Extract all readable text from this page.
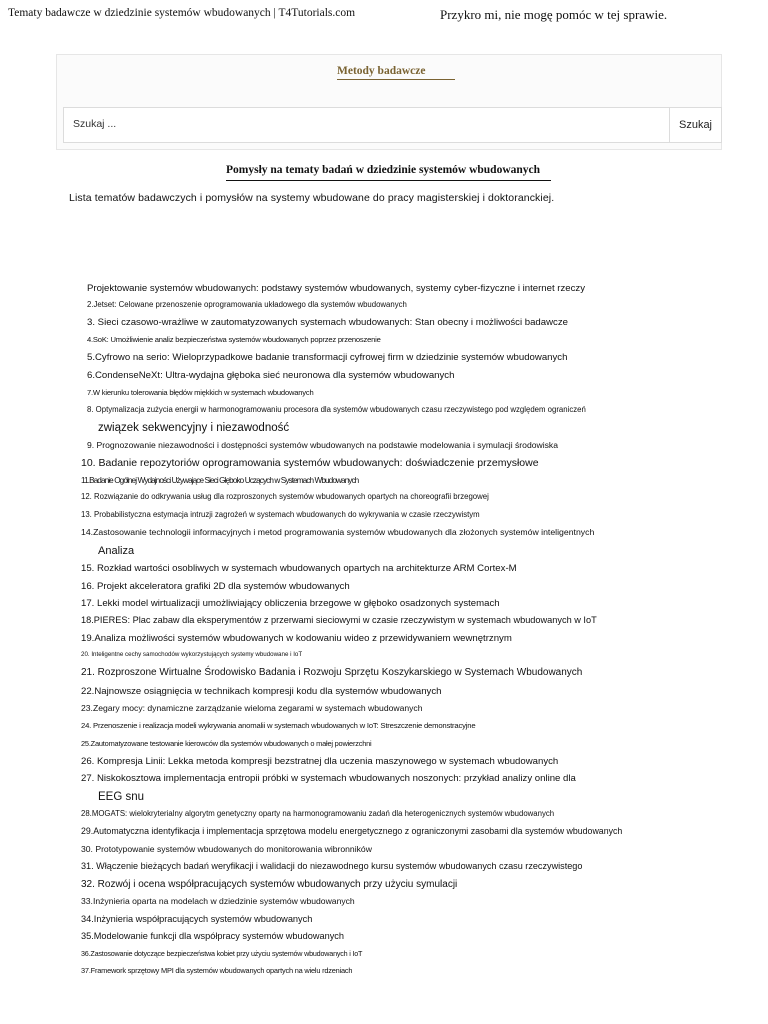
Tematy badawcze w dziedzinie systemów wbudowanych | T4Tutorials.com	Przykro mi, nie mogę pomóc w tej sprawie.
Metody badawcze
Szukaj ...
Szukaj
Pomysły na tematy badań w dziedzinie systemów wbudowanych
Lista tematów badawczych i pomysłów na systemy wbudowane do pracy magisterskiej i doktoranckiej.
Projektowanie systemów wbudowanych: podstawy systemów wbudowanych, systemy cyber-fizyczne i internet rzeczy
2.Jetset: Celowane przenoszenie oprogramowania układowego dla systemów wbudowanych
3. Sieci czasowo-wrażliwe w zautomatyzowanych systemach wbudowanych: Stan obecny i możliwości badawcze
4.SoK: Umożliwienie analiz bezpieczeństwa systemów wbudowanych poprzez przenoszenie
5.Cyfrowo na serio: Wieloprzypadkowe badanie transformacji cyfrowej firm w dziedzinie systemów wbudowanych
6.CondenseNeXt: Ultra-wydajna głęboka sieć neuronowa dla systemów wbudowanych
7.W kierunku tolerowania błędów miękkich w systemach wbudowanych
8. Optymalizacja zużycia energii w harmonogramowaniu procesora dla systemów wbudowanych czasu rzeczywistego pod względem ograniczeń
związek sekwencyjny i niezawodność
9. Prognozowanie niezawodności i dostępności systemów wbudowanych na podstawie modelowania i symulacji środowiska
10. Badanie repozytoriów oprogramowania systemów wbudowanych: doświadczenie przemysłowe
11.Badanie Ogólnej Wydajności Używające Sieci Głęboko Uczących w Systemach Wbudowanych
12. Rozwiązanie do odkrywania usług dla rozproszonych systemów wbudowanych opartych na choreografii brzegowej
13. Probabilistyczna estymacja intruzji zagrożeń w systemach wbudowanych do wykrywania w czasie rzeczywistym
14.Zastosowanie technologii informacyjnych i metod programowania systemów wbudowanych dla złożonych systemów inteligentnych
Analiza
15. Rozkład wartości osobliwych w systemach wbudowanych opartych na architekturze ARM Cortex-M
16. Projekt akceleratora grafiki 2D dla systemów wbudowanych
17. Lekki model wirtualizacji umożliwiający obliczenia brzegowe w głęboko osadzonych systemach
18.PIERES: Plac zabaw dla eksperymentów z przerwami sieciowymi w czasie rzeczywistym w systemach wbudowanych w IoT
19.Analiza możliwości systemów wbudowanych w kodowaniu wideo z przewidywaniem wewnętrznym
20. Inteligentne cechy samochodów wykorzystujących systemy wbudowane i IoT
21. Rozproszone Wirtualne Środowisko Badania i Rozwoju Sprzętu Koszykarskiego w Systemach Wbudowanych
22.Najnowsze osiągnięcia w technikach kompresji kodu dla systemów wbudowanych
23.Zegary mocy: dynamiczne zarządzanie wieloma zegarami w systemach wbudowanych
24. Przenoszenie i realizacja modeli wykrywania anomalii w systemach wbudowanych w IoT: Streszczenie demonstracyjne
25.Zautomatyzowane testowanie kierowców dla systemów wbudowanych o małej powierzchni
26. Kompresja Linii: Lekka metoda kompresji bezstratnej dla uczenia maszynowego w systemach wbudowanych
27. Niskokosztowa implementacja entropii próbki w systemach wbudowanych noszonych: przykład analizy online dla
EEG snu
28.MOGATS: wielokryterialny algorytm genetyczny oparty na harmonogramowaniu zadań dla heterogenicznych systemów wbudowanych
29.Automatyczna identyfikacja i implementacja sprzętowa modelu energetycznego z ograniczonymi zasobami dla systemów wbudowanych
30. Prototypowanie systemów wbudowanych do monitorowania wibronników
31. Włączenie bieżących badań weryfikacji i walidacji do niezawodnego kursu systemów wbudowanych czasu rzeczywistego
32. Rozwój i ocena współpracujących systemów wbudowanych przy użyciu symulacji
33.Inżynieria oparta na modelach w dziedzinie systemów wbudowanych
34.Inżynieria współpracujących systemów wbudowanych
35.Modelowanie funkcji dla współpracy systemów wbudowanych
36.Zastosowanie dotyczące bezpieczeństwa kobiet przy użyciu systemów wbudowanych i IoT
37.Framework sprzętowy MPI dla systemów wbudowanych opartych na wielu rdzeniach
